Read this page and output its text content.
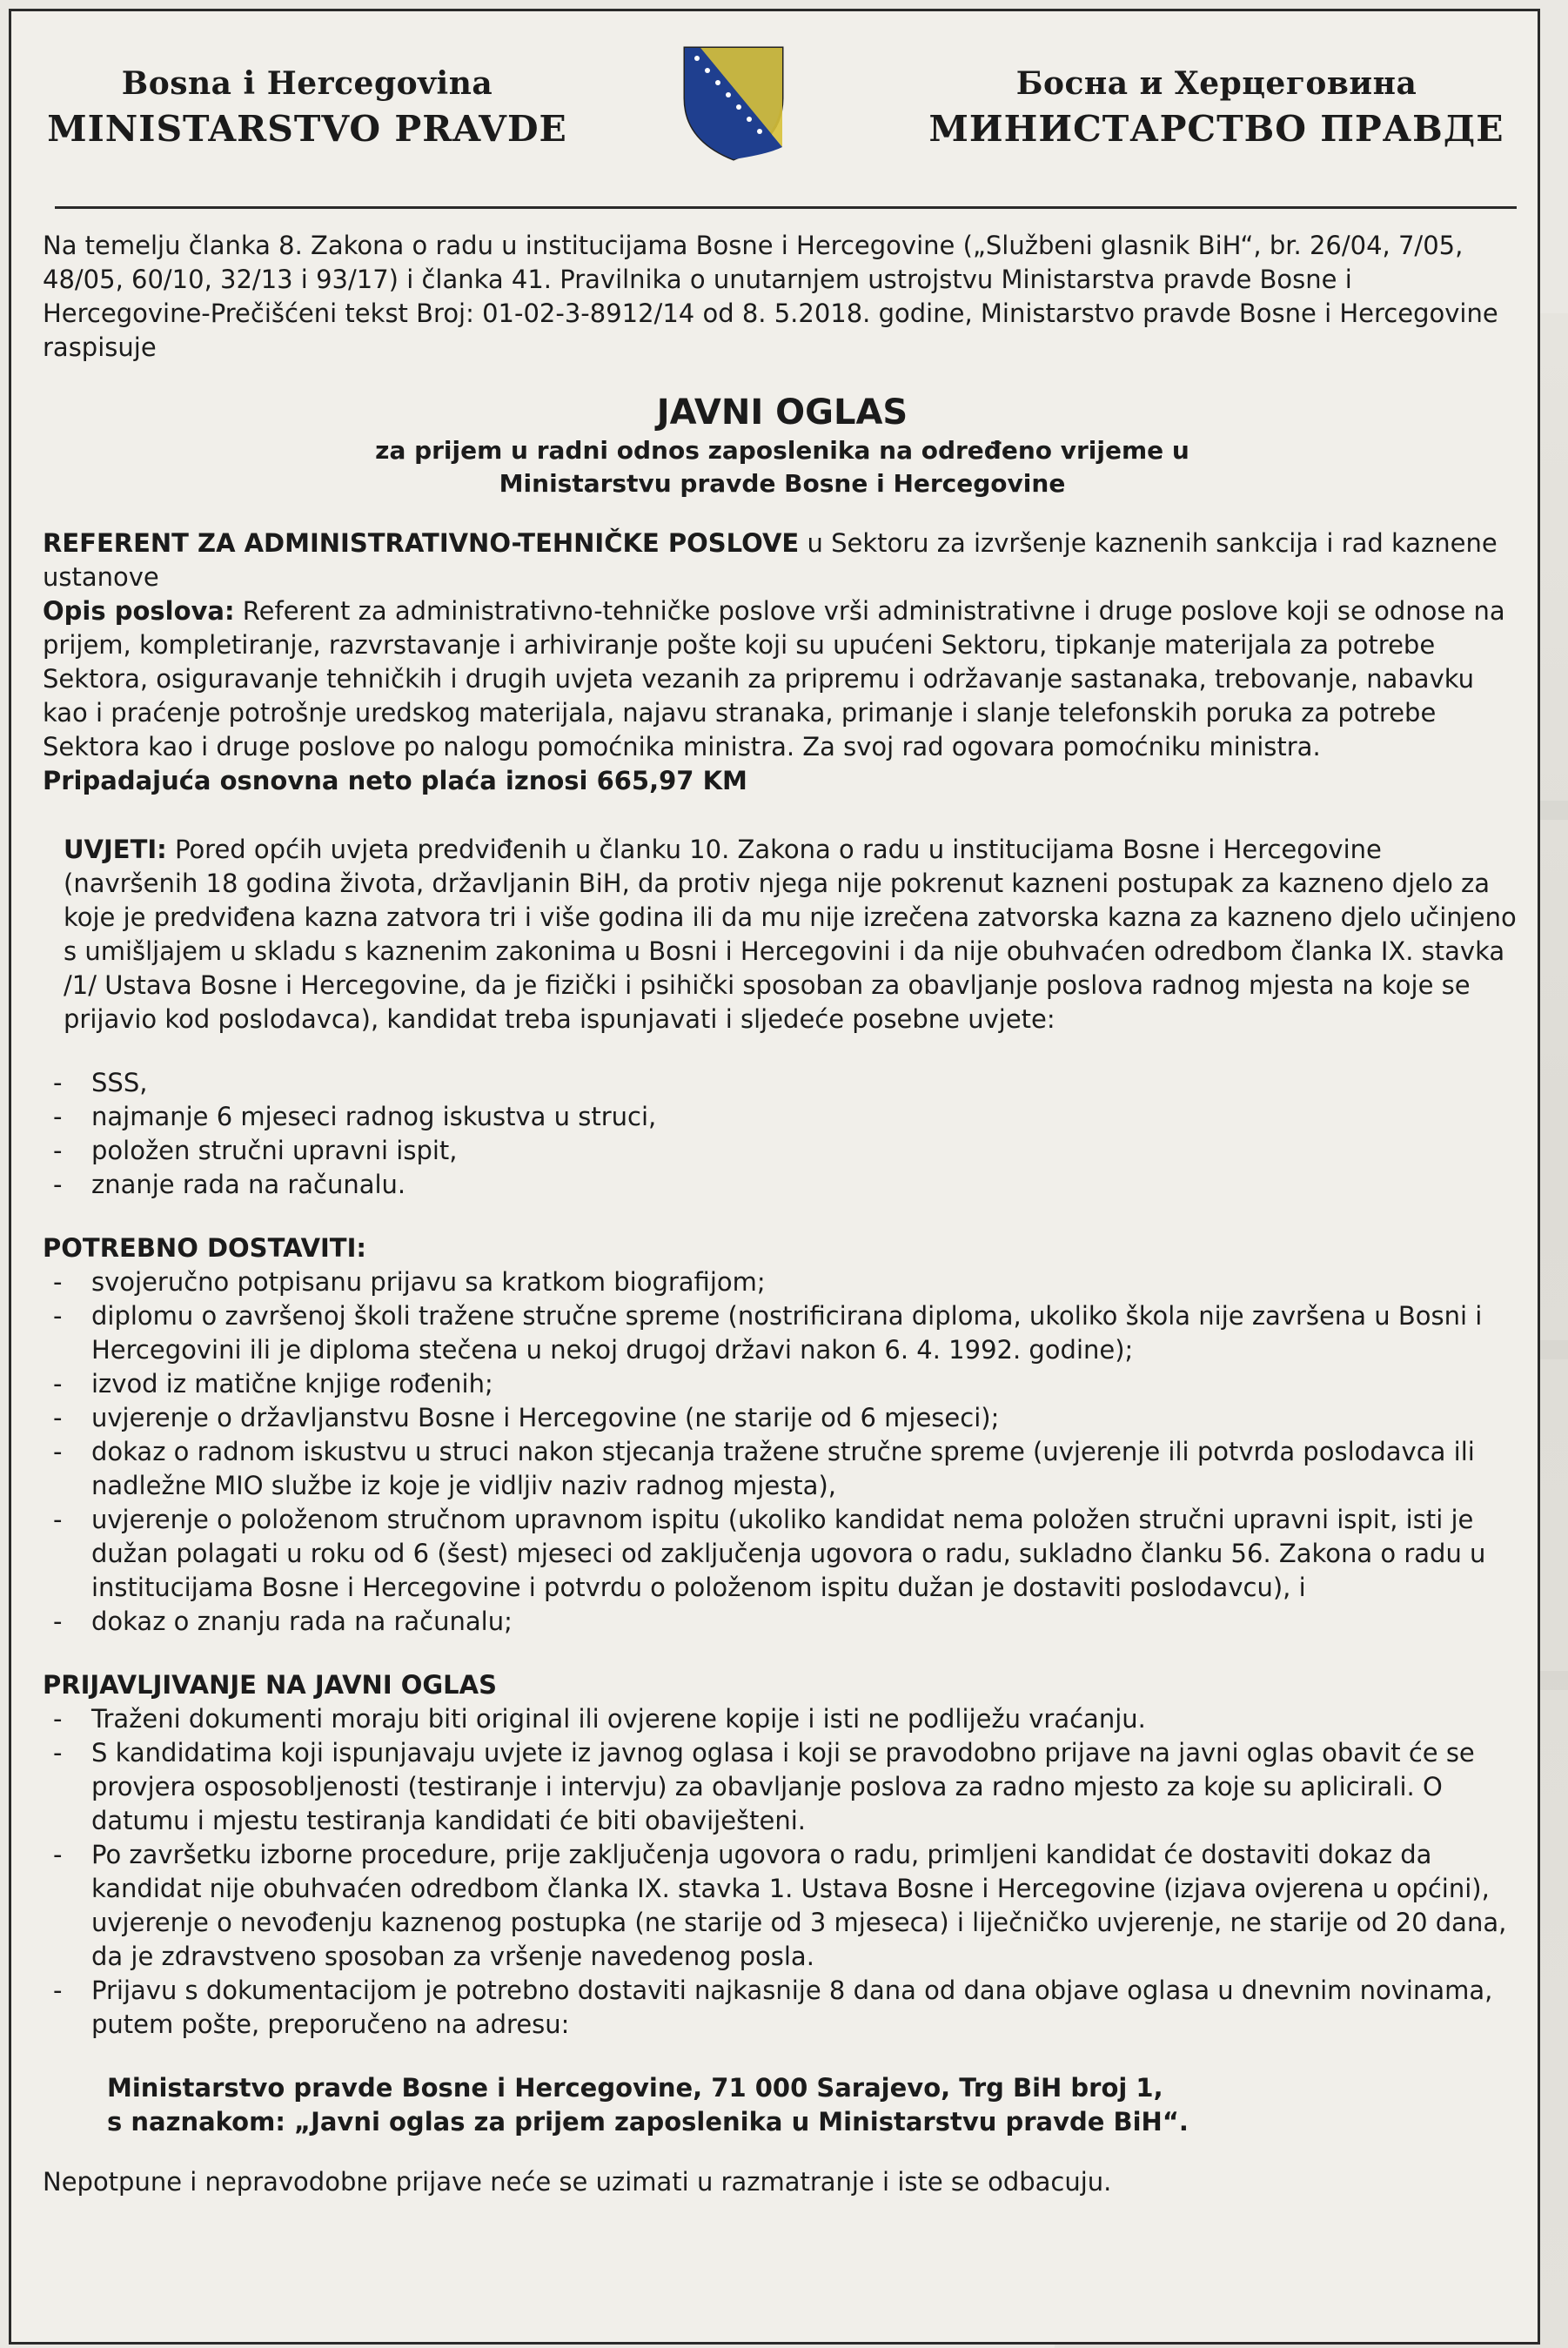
Bosna i Hercegovina
MINISTARSTVO PRAVDE
Босна и Херцеговина
МИНИСТАРСТВО ПРАВДЕ

Na temelju članka 8. Zakona o radu u institucijama Bosne i Hercegovine („Službeni glasnik BiH“, br. 26/04, 7/05, 48/05, 60/10, 32/13 i 93/17) i članka 41. Pravilnika o unutarnjem ustrojstvu Ministarstva pravde Bosne i Hercegovine-Prečišćeni tekst Broj: 01-02-3-8912/14 od 8. 5.2018. godine, Ministarstvo pravde Bosne i Hercegovine raspisuje

JAVNI OGLAS
za prijem u radni odnos zaposlenika na određeno vrijeme u
Ministarstvu pravde Bosne i Hercegovine

REFERENT ZA ADMINISTRATIVNO-TEHNIČKE POSLOVE u Sektoru za izvršenje kaznenih sankcija i rad kaznene ustanove

Opis poslova: Referent za administrativno-tehničke poslove vrši administrativne i druge poslove koji se odnose na prijem, kompletiranje, razvrstavanje i arhiviranje pošte koji su upućeni Sektoru, tipkanje materijala za potrebe Sektora, osiguravanje tehničkih i drugih uvjeta vezanih za pripremu i održavanje sastanaka, trebovanje, nabavku kao i praćenje potrošnje uredskog materijala, najavu stranaka, primanje i slanje telefonskih poruka za potrebe Sektora kao i druge poslove po nalogu pomoćnika ministra. Za svoj rad ogovara pomoćniku ministra.

Pripadajuća osnovna neto plaća iznosi 665,97 KM

UVJETI: Pored općih uvjeta predviđenih u članku 10. Zakona o radu u institucijama Bosne i Hercegovine (navršenih 18 godina života, državljanin BiH, da protiv njega nije pokrenut kazneni postupak za kazneno djelo za koje je predviđena kazna zatvora tri i više godina ili da mu nije izrečena zatvorska kazna za kazneno djelo učinjeno s umišljajem u skladu s kaznenim zakonima u Bosni i Hercegovini i da nije obuhvaćen odredbom članka IX. stavka /1/ Ustava Bosne i Hercegovine, da je fizički i psihički sposoban za obavljanje poslova radnog mjesta na koje se prijavio kod poslodavca), kandidat treba ispunjavati i sljedeće posebne uvjete:

- SSS,
- najmanje 6 mjeseci radnog iskustva u struci,
- položen stručni upravni ispit,
- znanje rada na računalu.

POTREBNO DOSTAVITI:

- svojeručno potpisanu prijavu sa kratkom biografijom;
- diplomu o završenoj školi tražene stručne spreme (nostrificirana diploma, ukoliko škola nije završena u Bosni i Hercegovini ili je diploma stečena u nekoj drugoj državi nakon 6. 4. 1992. godine);
- izvod iz matične knjige rođenih;
- uvjerenje o državljanstvu Bosne i Hercegovine (ne starije od 6 mjeseci);
- dokaz o radnom iskustvu u struci nakon stjecanja tražene stručne spreme (uvjerenje ili potvrda poslodavca ili nadležne MIO službe iz koje je vidljiv naziv radnog mjesta),
- uvjerenje o položenom stručnom upravnom ispitu (ukoliko kandidat nema položen stručni upravni ispit, isti je dužan polagati u roku od 6 (šest) mjeseci od zaključenja ugovora o radu, sukladno članku 56. Zakona o radu u institucijama Bosne i Hercegovine i potvrdu o položenom ispitu dužan je dostaviti poslodavcu), i
- dokaz o znanju rada na računalu;

PRIJAVLJIVANJE NA JAVNI OGLAS

- Traženi dokumenti moraju biti original ili ovjerene kopije i isti ne podliježu vraćanju.
- S kandidatima koji ispunjavaju uvjete iz javnog oglasa i koji se pravodobno prijave na javni oglas obavit će se provjera osposobljenosti (testiranje i intervju) za obavljanje poslova za radno mjesto za koje su aplicirali. O datumu i mjestu testiranja kandidati će biti obaviješteni.
- Po završetku izborne procedure, prije zaključenja ugovora o radu, primljeni kandidat će dostaviti dokaz da kandidat nije obuhvaćen odredbom članka IX. stavka 1. Ustava Bosne i Hercegovine (izjava ovjerena u općini), uvjerenje o nevođenju kaznenog postupka (ne starije od 3 mjeseca) i liječničko uvjerenje, ne starije od 20 dana, da je zdravstveno sposoban za vršenje navedenog posla.
- Prijavu s dokumentacijom je potrebno dostaviti najkasnije 8 dana od dana objave oglasa u dnevnim novinama, putem pošte, preporučeno na adresu:

Ministarstvo pravde Bosne i Hercegovine, 71 000 Sarajevo, Trg BiH broj 1,

s naznakom: „Javni oglas za prijem zaposlenika u Ministarstvu pravde BiH“.

Nepotpune i nepravodobne prijave neće se uzimati u razmatranje i iste se odbacuju.
